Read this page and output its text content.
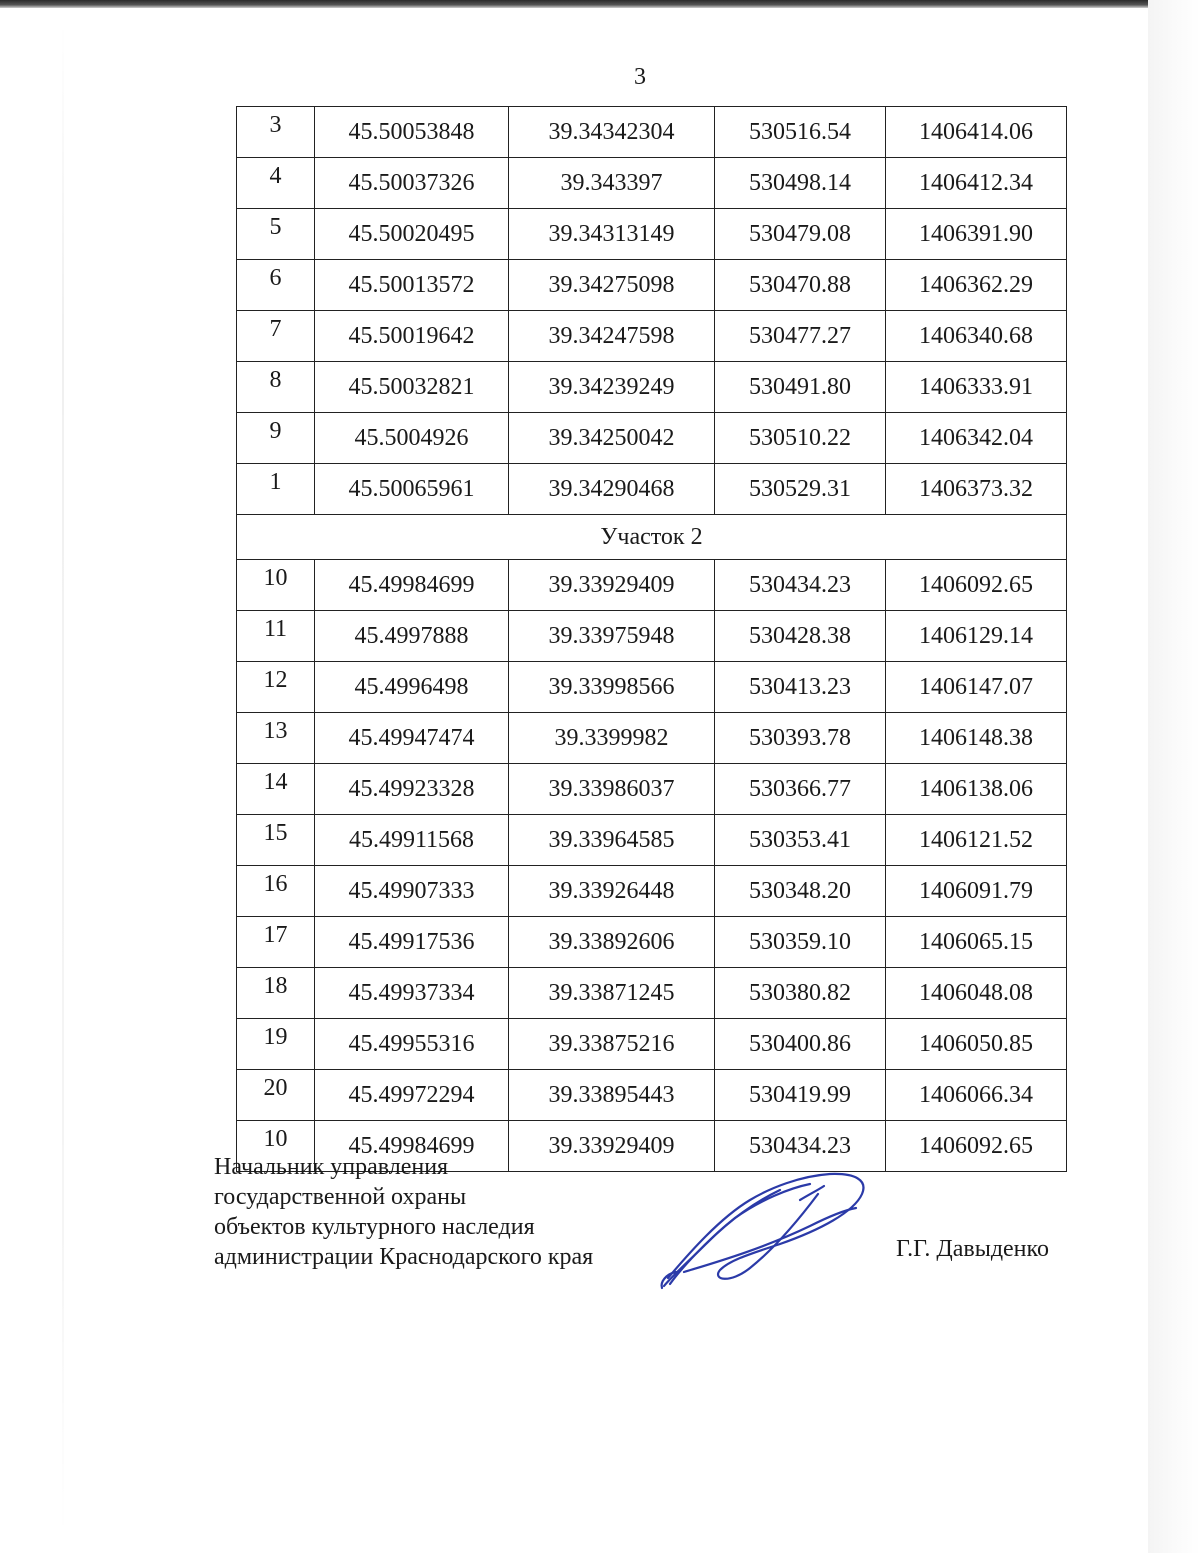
3
3	45.50053848	39.34342304	530516.54	1406414.06
4	45.50037326	39.343397	530498.14	1406412.34
5	45.50020495	39.34313149	530479.08	1406391.90
6	45.50013572	39.34275098	530470.88	1406362.29
7	45.50019642	39.34247598	530477.27	1406340.68
8	45.50032821	39.34239249	530491.80	1406333.91
9	45.5004926	39.34250042	530510.22	1406342.04
1	45.50065961	39.34290468	530529.31	1406373.32
Участок 2				
10	45.49984699	39.33929409	530434.23	1406092.65
11	45.4997888	39.33975948	530428.38	1406129.14
12	45.4996498	39.33998566	530413.23	1406147.07
13	45.49947474	39.3399982	530393.78	1406148.38
14	45.49923328	39.33986037	530366.77	1406138.06
15	45.49911568	39.33964585	530353.41	1406121.52
16	45.49907333	39.33926448	530348.20	1406091.79
17	45.49917536	39.33892606	530359.10	1406065.15
18	45.49937334	39.33871245	530380.82	1406048.08
19	45.49955316	39.33875216	530400.86	1406050.85
20	45.49972294	39.33895443	530419.99	1406066.34
10	45.49984699	39.33929409	530434.23	1406092.65
Начальник управления
государственной охраны
объектов культурного наследия
администрации Краснодарского края	Г.Г. Давыденко
